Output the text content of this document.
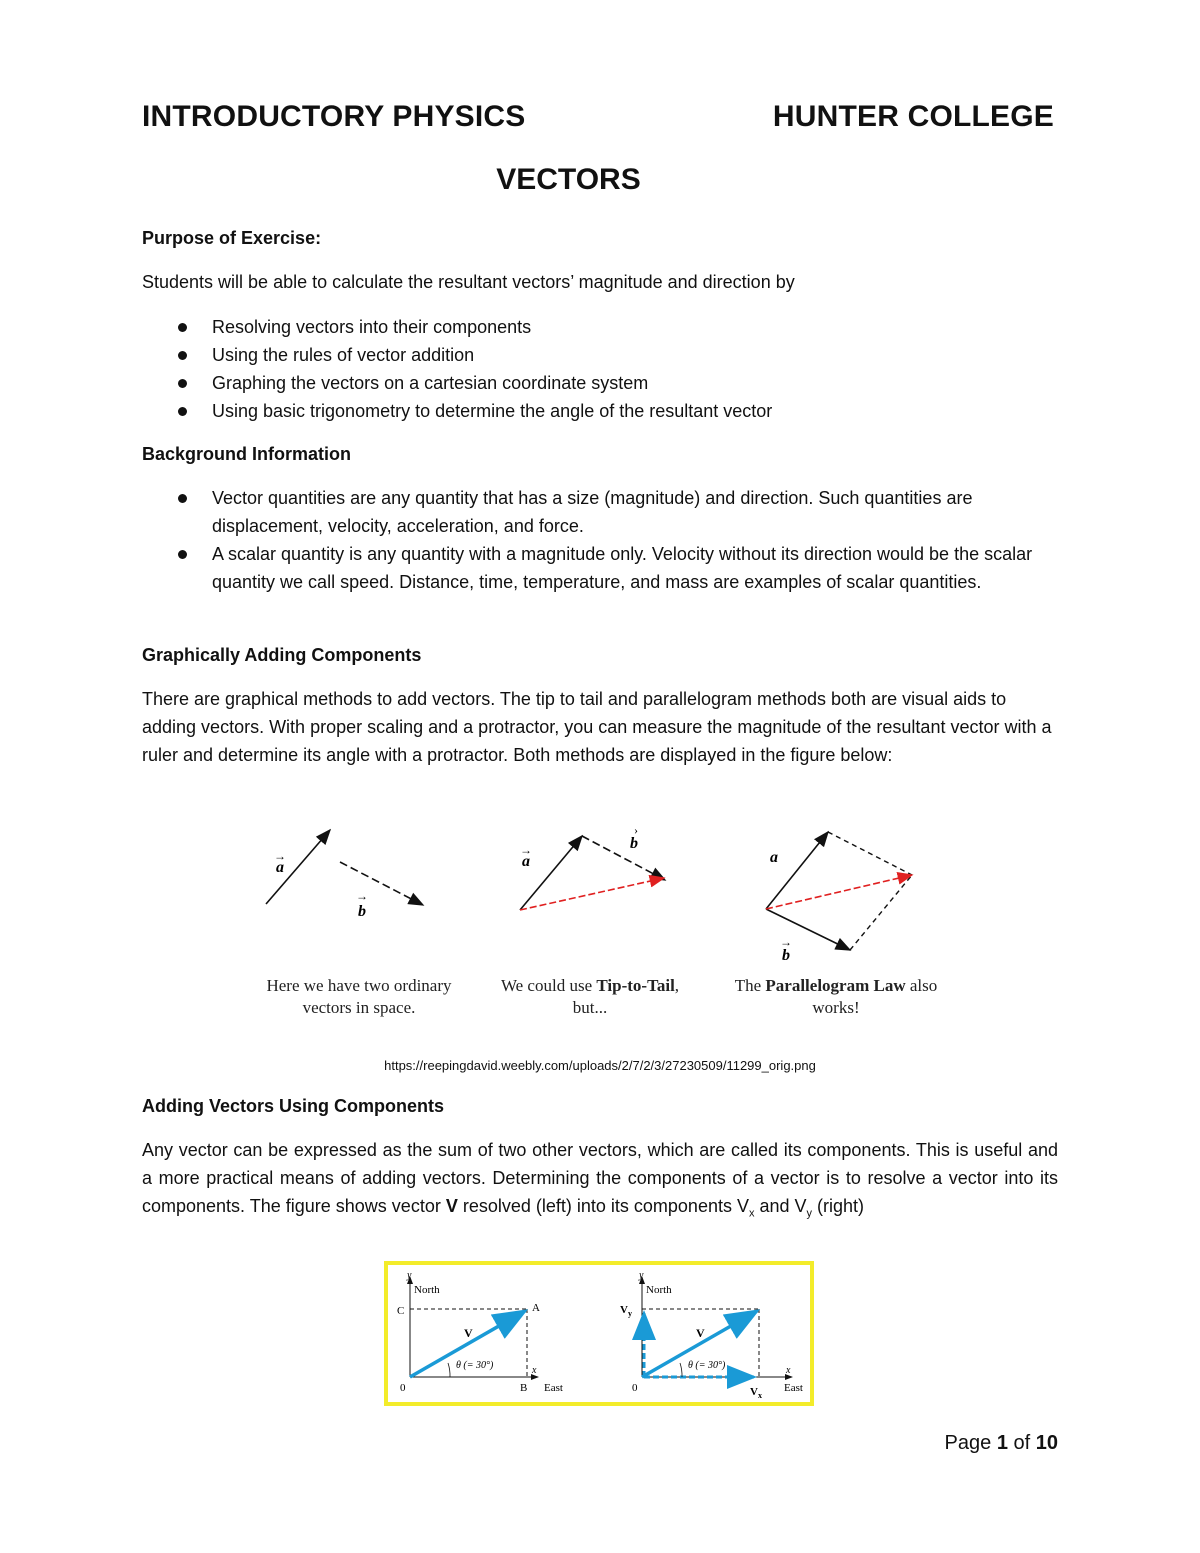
INTRODUCTORY PHYSICS	HUNTER COLLEGE
VECTORS
Purpose of Exercise:
Students will be able to calculate the resultant vectors’ magnitude and direction by
Resolving vectors into their components
Using the rules of vector addition
Graphing the vectors on a cartesian coordinate system
Using basic trigonometry to determine the angle of the resultant vector
Background Information
Vector quantities are any quantity that has a size (magnitude) and direction. Such quantities are displacement, velocity, acceleration, and force.
A scalar quantity is any quantity with a magnitude only. Velocity without its direction would be the scalar quantity we call speed. Distance, time, temperature, and mass are examples of scalar quantities.
Graphically Adding Components
There are graphical methods to add vectors. The tip to tail and parallelogram methods both are visual aids to adding vectors. With proper scaling and a protractor, you can measure the magnitude of the resultant vector with a ruler and determine its angle with a protractor. Both methods are displayed in the figure below:
a
→
b
→
a
→	b
›
a
b
→
Here we have two ordinary
vectors in space.
We could use Tip-to-Tail,
but...
The Parallelogram Law also
works!
https://reepingdavid.weebly.com/uploads/2/7/2/3/27230509/11299_orig.png
Adding Vectors Using Components
Any vector can be expressed as the sum of two other vectors, which are called its components. This is useful and a more practical means of adding vectors. Determining the components of a vector is to resolve a vector into its components. The figure shows vector V resolved (left) into its components $V_x$ and $V_y$ (right)
y
North
x
East
C	A
B
0
V
θ (= 30°)
y
North
x
East
0
$V_y$
$V_x$
V
θ (= 30°)
Page 1 of 10
